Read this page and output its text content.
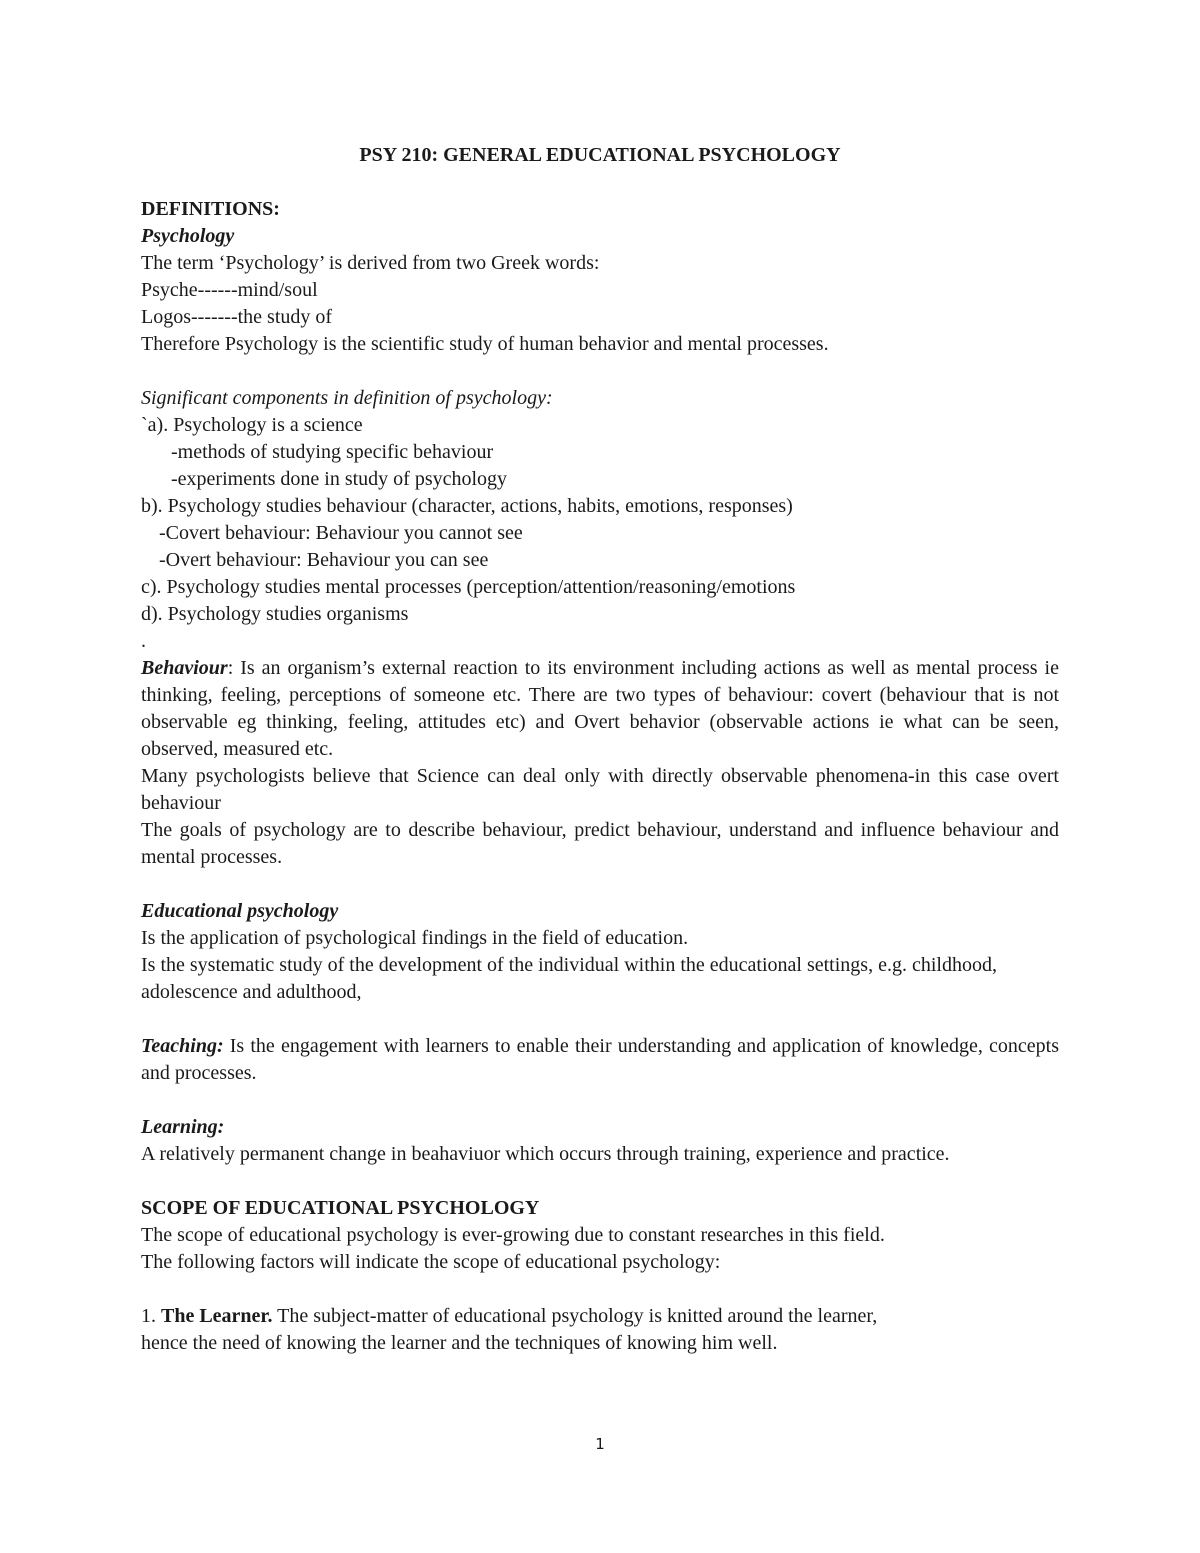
PSY 210: GENERAL EDUCATIONAL PSYCHOLOGY
DEFINITIONS:
Psychology
The term ‘Psychology’ is derived from two Greek words:
Psyche------mind/soul
Logos-------the study of
Therefore Psychology is the scientific study of human behavior and mental processes.
Significant components in definition of psychology:
`a). Psychology is a science
-methods of studying specific behaviour
-experiments done in study of psychology
b). Psychology studies behaviour (character, actions, habits, emotions, responses)
-Covert behaviour: Behaviour you cannot see
-Overt behaviour: Behaviour you can see
c). Psychology studies mental processes (perception/attention/reasoning/emotions
d). Psychology studies organisms
.
Behaviour: Is an organism’s external reaction to its environment including actions as well as mental process ie thinking, feeling, perceptions of someone etc. There are two types of behaviour: covert (behaviour that is not observable eg thinking, feeling, attitudes etc) and Overt behavior (observable actions ie what can be seen, observed, measured etc.
Many psychologists believe that Science can deal only with directly observable phenomena-in this case overt behaviour
The goals of psychology are to describe behaviour, predict behaviour, understand and influence behaviour and mental processes.
Educational psychology
Is the application of psychological findings in the field of education.
Is the systematic study of the development of the individual within the educational settings, e.g. childhood, adolescence and adulthood,
Teaching: Is the engagement with learners to enable their understanding and application of knowledge, concepts and processes.
Learning:
A relatively permanent change in beahaviuor which occurs through training, experience and practice.
SCOPE OF EDUCATIONAL PSYCHOLOGY
The scope of educational psychology is ever-growing due to constant researches in this field.
The following factors will indicate the scope of educational psychology:
1. The Learner. The subject-matter of educational psychology is knitted around the learner,
hence the need of knowing the learner and the techniques of knowing him well.
1
